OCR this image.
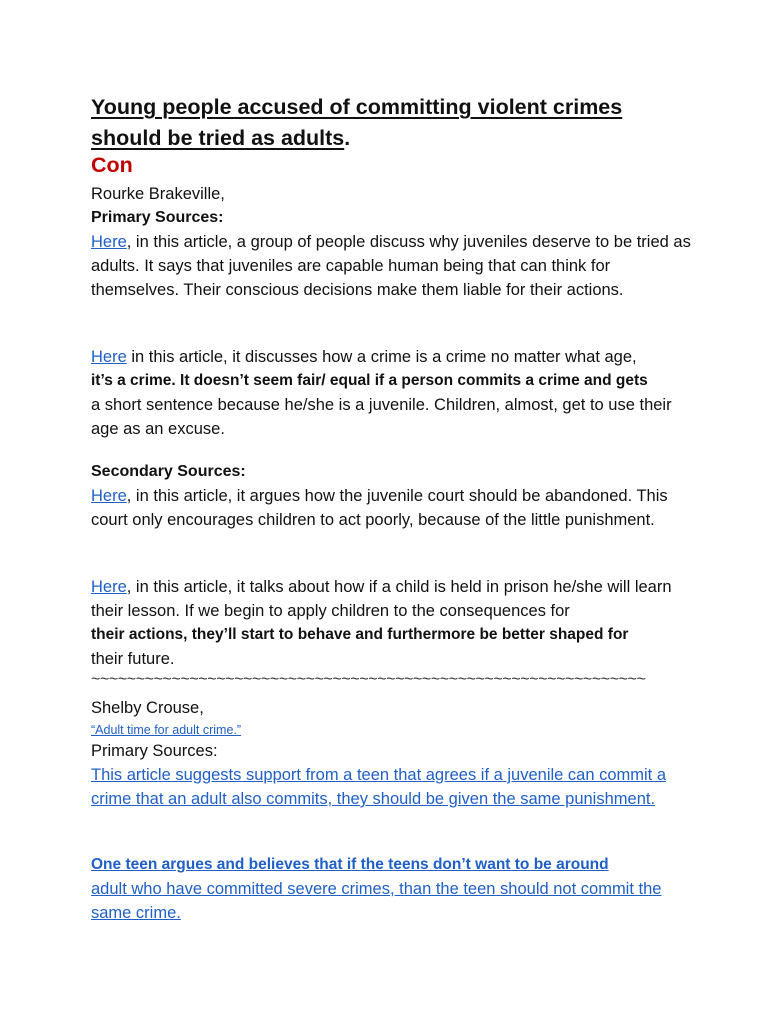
Young people accused of committing violent crimes should be tried as adults.
Con

Rourke Brakeville,

Primary Sources:

Here, in this article, a group of people discuss why juveniles deserve to be tried as adults. It says that juveniles are capable human being that can think for themselves. Their conscious decisions make them liable for their actions.

Here in this article, it discusses how a crime is a crime no matter what age,

it’s a crime. It doesn’t seem fair/ equal if a person commits a crime and gets

a short sentence because he/she is a juvenile. Children, almost, get to use their age as an excuse.

Secondary Sources:

Here, in this article, it argues how the juvenile court should be abandoned. This court only encourages children to act poorly, because of the little punishment.

Here, in this article, it talks about how if a child is held in prison he/she will learn their lesson. If we begin to apply children to the consequences for

their actions, they’ll start to behave and furthermore be better shaped for

their future.

~~~~~~~~~~~~~~~~~~~~~~~~~~~~~~~~~~~~~~~~~~~~~~~~~~~~~~~~~~~~~~

Shelby Crouse,

“Adult time for adult crime.”

Primary Sources:

This article suggests support from a teen that agrees if a juvenile can commit a crime that an adult also commits, they should be given the same punishment.

One teen argues and believes that if the teens don’t want to be around

adult who have committed severe crimes, than the teen should not commit the same crime.
